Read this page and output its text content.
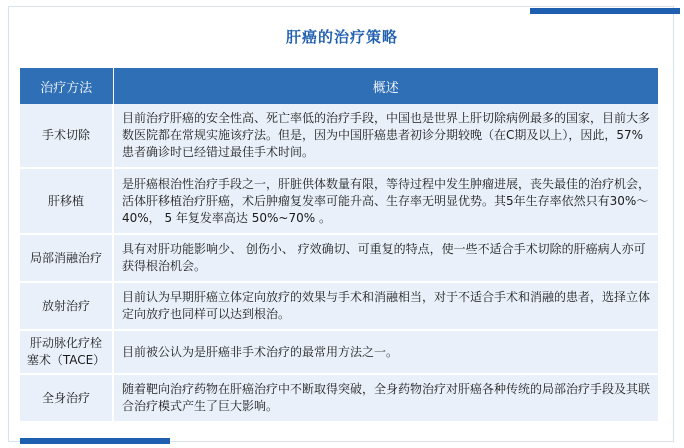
肝癌的治疗策略
治疗方法	概述
手术切除	目前治疗肝癌的安全性高、死亡率低的治疗手段，中国也是世界上肝切除病例最多的国家，目前大多数医院都在常规实施该疗法。但是，因为中国肝癌患者初诊分期较晚（在C期及以上），因此，57%患者确诊时已经错过最佳手术时间。
肝移植	是肝癌根治性治疗手段之一，肝脏供体数量有限，等待过程中发生肿瘤进展，丧失最佳的治疗机会，活体肝移植治疗肝癌，术后肿瘤复发率可能升高、生存率无明显优势。其5年生存率依然只有30%～40%， 5 年复发率高达 50%~70% 。
局部消融治疗	具有对肝功能影响少、 创伤小、 疗效确切、可重复的特点，使一些不适合手术切除的肝癌病人亦可获得根治机会。
放射治疗	目前认为早期肝癌立体定向放疗的效果与手术和消融相当，对于不适合手术和消融的患者，选择立体定向放疗也同样可以达到根治。
肝动脉化疗栓塞术（TACE）	目前被公认为是肝癌非手术治疗的最常用方法之一。
全身治疗	随着靶向治疗药物在肝癌治疗中不断取得突破，全身药物治疗对肝癌各种传统的局部治疗手段及其联合治疗模式产生了巨大影响。
